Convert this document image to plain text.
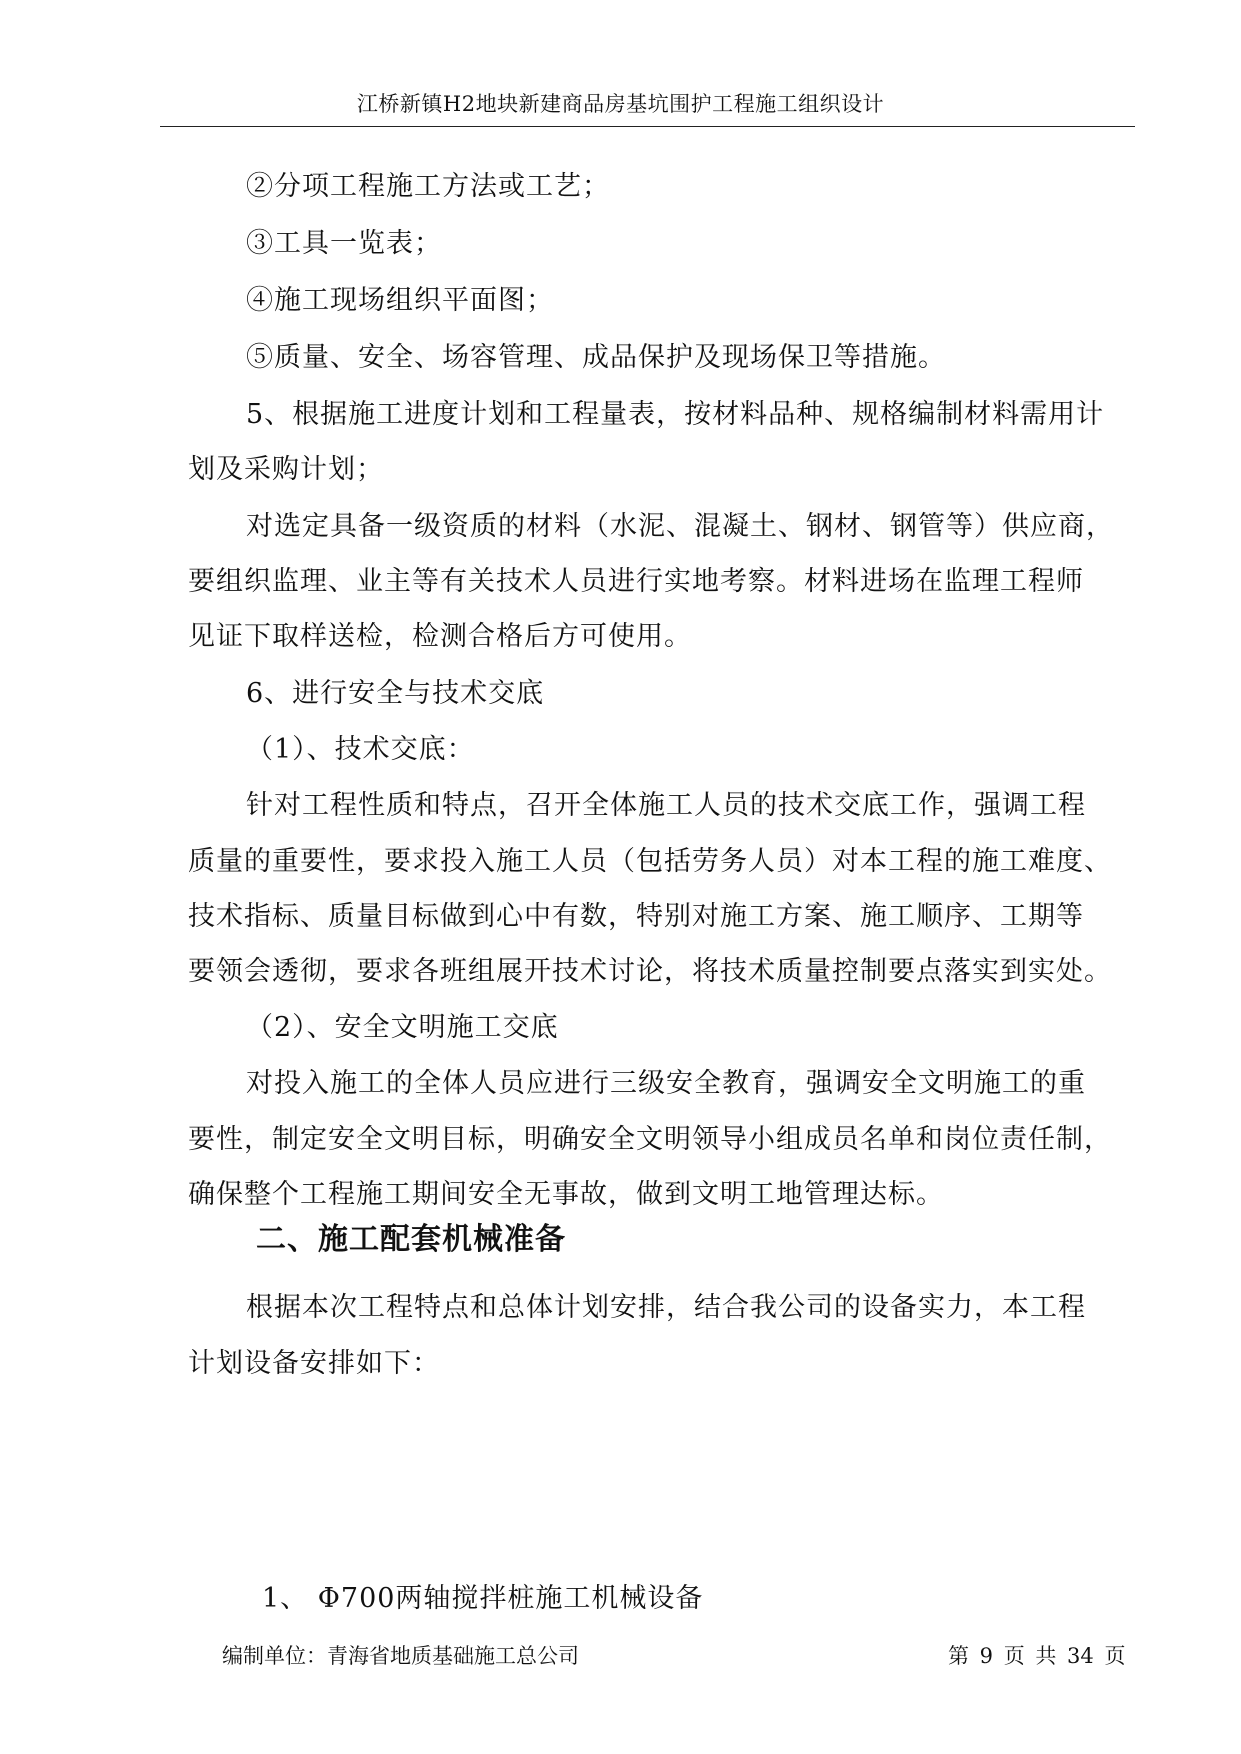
江桥新镇H2地块新建商品房基坑围护工程施工组织设计
②分项工程施工方法或工艺；
③工具一览表；
④施工现场组织平面图；
⑤质量、安全、场容管理、成品保护及现场保卫等措施。
5、根据施工进度计划和工程量表，按材料品种、规格编制材料需用计
划及采购计划；
对选定具备一级资质的材料（水泥、混凝土、钢材、钢管等）供应商，
要组织监理、业主等有关技术人员进行实地考察。材料进场在监理工程师
见证下取样送检，检测合格后方可使用。
6、进行安全与技术交底
（1）、技术交底：
针对工程性质和特点，召开全体施工人员的技术交底工作，强调工程
质量的重要性，要求投入施工人员（包括劳务人员）对本工程的施工难度、
技术指标、质量目标做到心中有数，特别对施工方案、施工顺序、工期等
要领会透彻，要求各班组展开技术讨论，将技术质量控制要点落实到实处。
（2）、安全文明施工交底
对投入施工的全体人员应进行三级安全教育，强调安全文明施工的重
要性，制定安全文明目标，明确安全文明领导小组成员名单和岗位责任制，
确保整个工程施工期间安全无事故，做到文明工地管理达标。
二、施工配套机械准备
根据本次工程特点和总体计划安排，结合我公司的设备实力，本工程
计划设备安排如下：
1、 Φ700两轴搅拌桩施工机械设备
编制单位：青海省地质基础施工总公司	第 9 页 共 34 页
